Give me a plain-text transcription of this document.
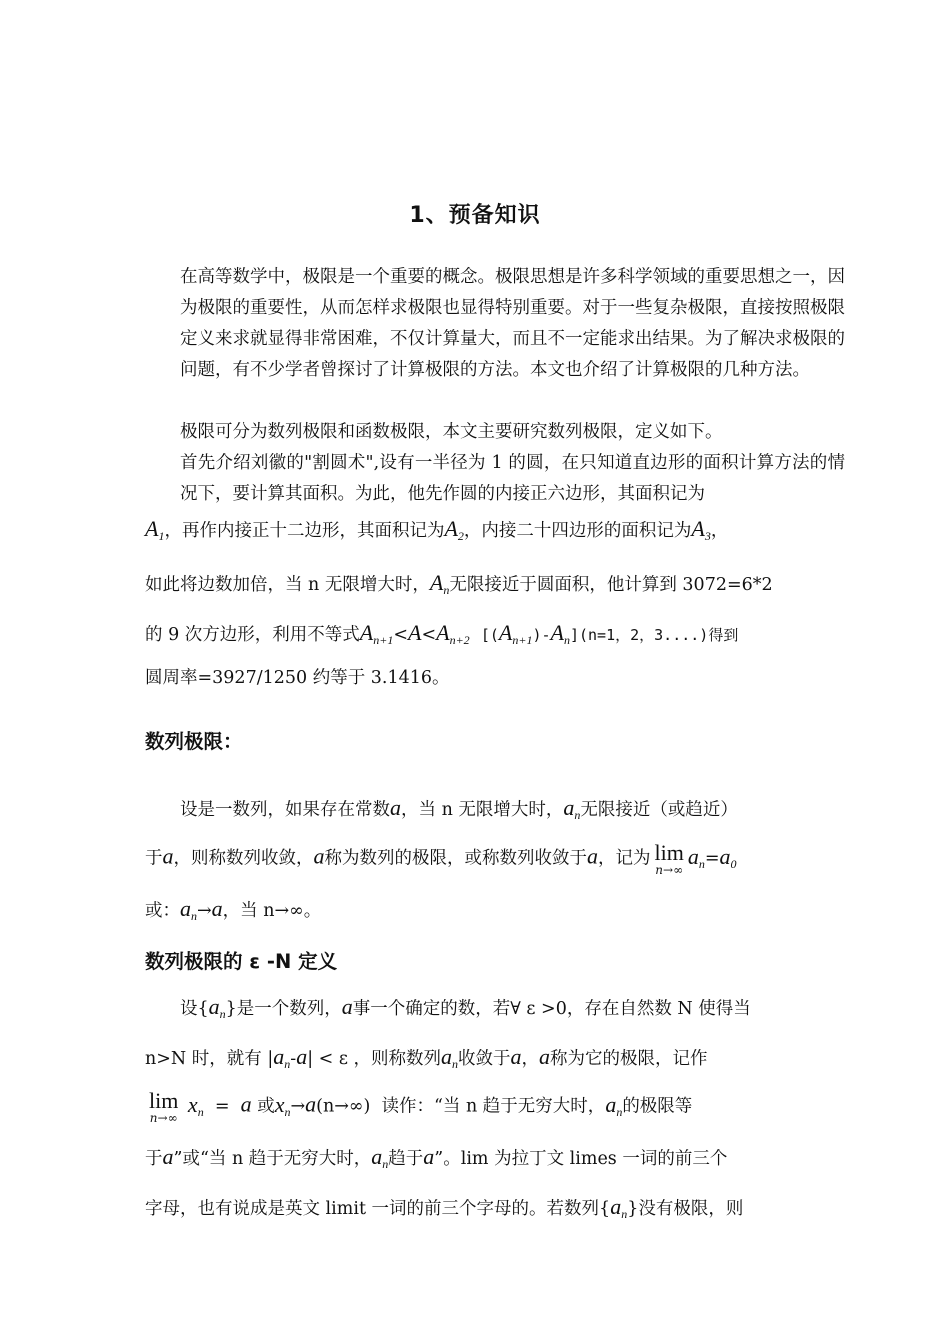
1、预备知识

在高等数学中，极限是一个重要的概念。极限思想是许多科学领域的重要思想之一，因为极限的重要性，从而怎样求极限也显得特别重要。对于一些复杂极限，直接按照极限定义来求就显得非常困难，不仅计算量大，而且不一定能求出结果。为了解决求极限的问题，有不少学者曾探讨了计算极限的方法。本文也介绍了计算极限的几种方法。

极限可分为数列极限和函数极限，本文主要研究数列极限，定义如下。

首先介绍刘徽的"割圆术",设有一半径为 1 的圆，在只知道直边形的面积计算方法的情况下，要计算其面积。为此，他先作圆的内接正六边形，其面积记为

$A_1$，再作内接正十二边形，其面积记为$A_2$，内接二十四边形的面积记为$A_3$，
如此将边数加倍，当 n 无限增大时，$A_n$无限接近于圆面积，他计算到 3072=6*2
的 9 次方边形，利用不等式$A_{n+1}<A<A_{n+2}$ $[(A_{n+1})-A_n](n=1$，2，3....)得到
圆周率=3927/1250 约等于 3.1416。
数列极限：
设是一数列，如果存在常数a，当 n 无限增大时，$a_n$无限接近（或趋近）
于a，则称数列收敛，a称为数列的极限，或称数列收敛于a，记为 lim
n→∞
$a_n=a_0$
或：$a_n\to a$，当 n→∞。
数列极限的 ε -N 定义
设$\{a_n\}$是一个数列，a事一个确定的数，若∀ ε >0，存在自然数 N 使得当
n>N 时，就有 $|a_n-a| < \varepsilon$ ，则称数列$a_n$收敛于a，a称为它的极限，记作
lim
n→∞
$x_n = a$ 或$x_n\to a(n\to\infty)$ 读作：“当 n 趋于无穷大时，$a_n$的极限等
于a”或“当 n 趋于无穷大时，$a_n$趋于a”。lim 为拉丁文 limes 一词的前三个
字母，也有说成是英文 limit 一词的前三个字母的。若数列$\{a_n\}$没有极限，则
